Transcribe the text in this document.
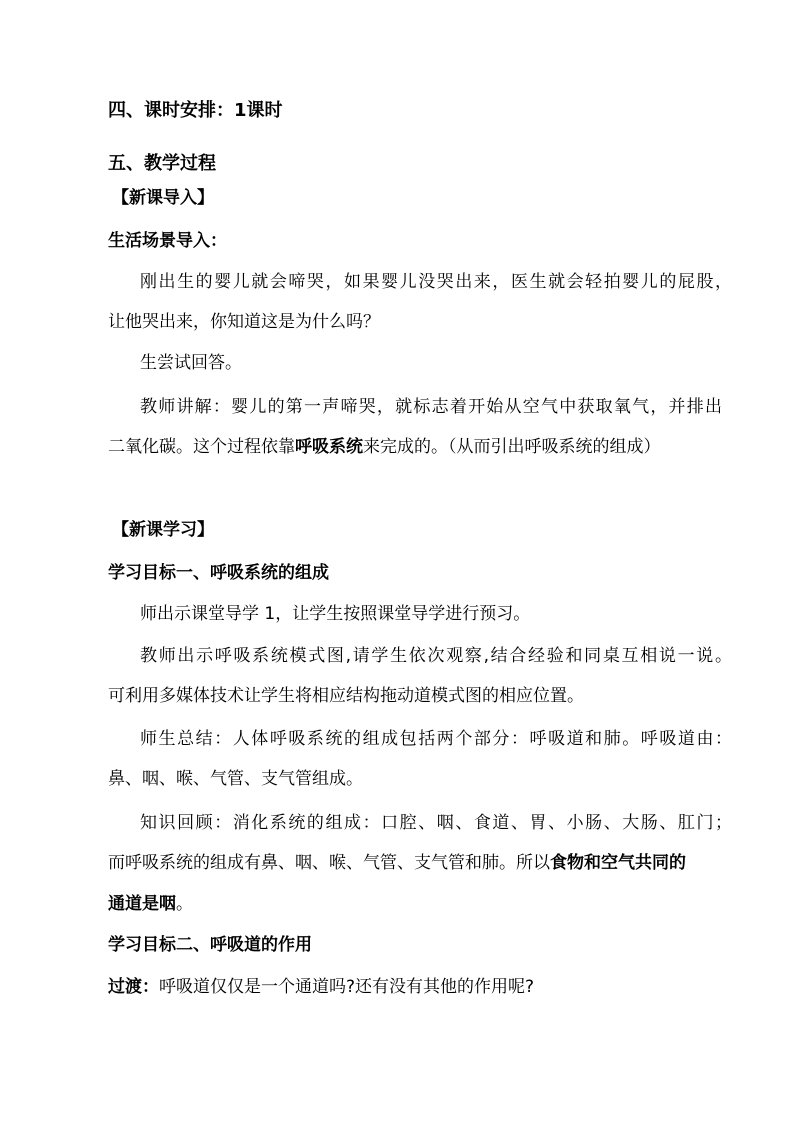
四、课时安排：1课时
五、教学过程
【新课导入】
生活场景导入：
刚出生的婴儿就会啼哭，如果婴儿没哭出来，医生就会轻拍婴儿的屁股，
让他哭出来，你知道这是为什么吗？
生尝试回答。
教师讲解：婴儿的第一声啼哭，就标志着开始从空气中获取氧气，并排出
二氧化碳。这个过程依靠呼吸系统来完成的。（从而引出呼吸系统的组成）
【新课学习】
学习目标一、呼吸系统的组成
师出示课堂导学 1，让学生按照课堂导学进行预习。
教师出示呼吸系统模式图,请学生依次观察,结合经验和同桌互相说一说。
可利用多媒体技术让学生将相应结构拖动道模式图的相应位置。
师生总结：人体呼吸系统的组成包括两个部分：呼吸道和肺。呼吸道由：
鼻、咽、喉、气管、支气管组成。
知识回顾：消化系统的组成：口腔、咽、食道、胃、小肠、大肠、肛门；
而呼吸系统的组成有鼻、咽、喉、气管、支气管和肺。所以食物和空气共同的
通道是咽。
学习目标二、呼吸道的作用
过渡：呼吸道仅仅是一个通道吗?还有没有其他的作用呢?
